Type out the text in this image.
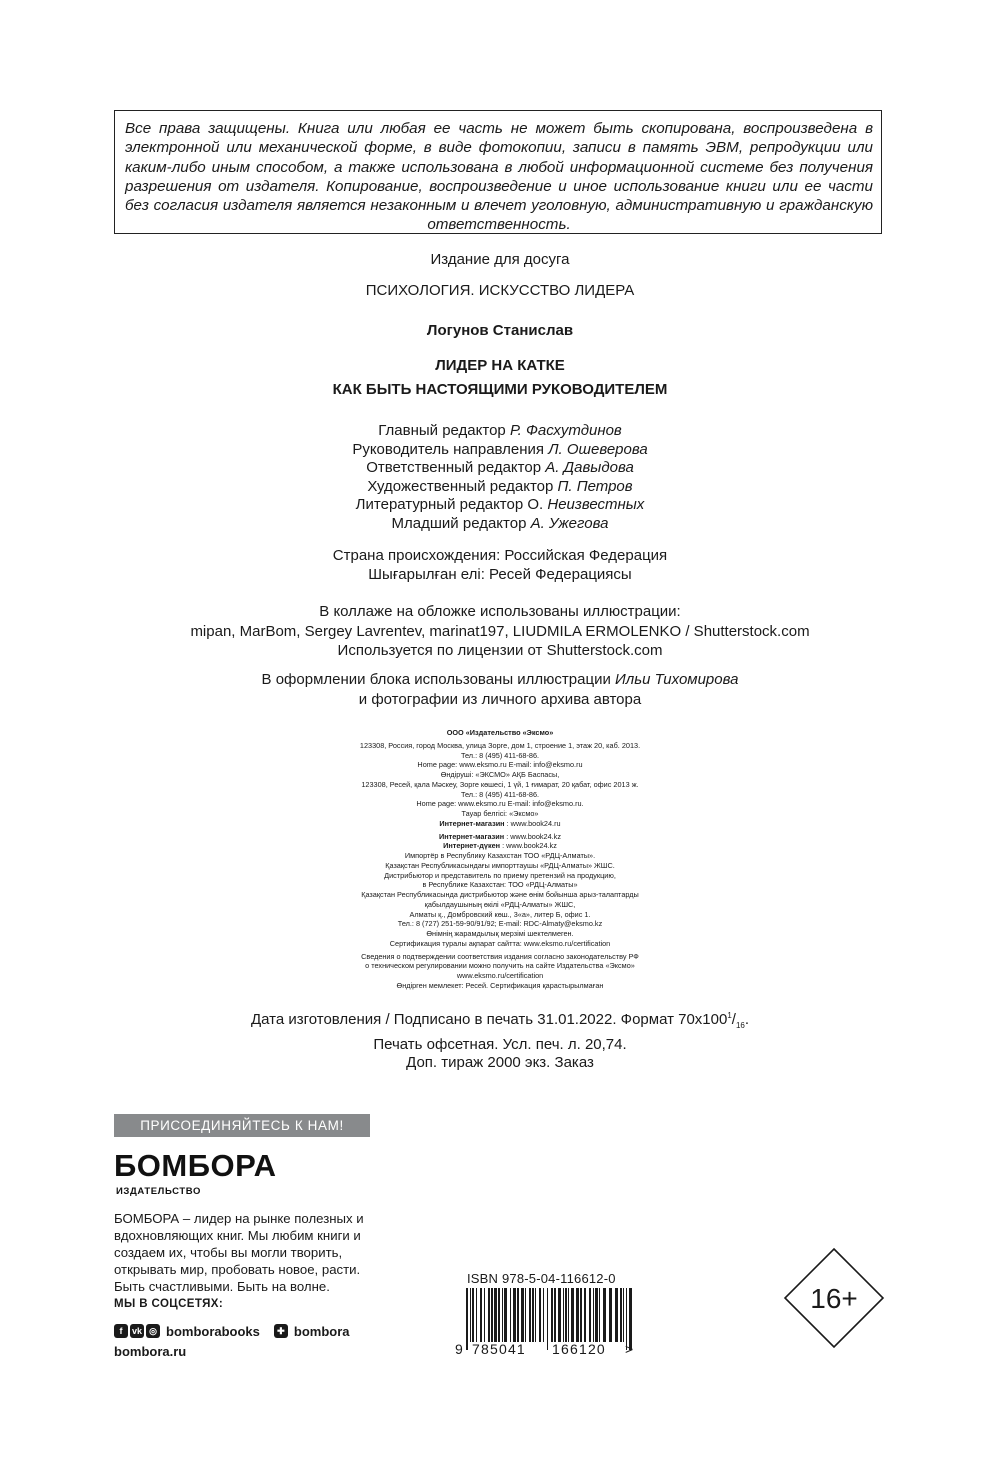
Все права защищены. Книга или любая ее часть не может быть скопирована, воспроизведена в электронной или механической форме, в виде фотокопии, записи в память ЭВМ, репродукции или каким-либо иным способом, а также использована в любой информационной системе без получения разрешения от издателя. Копирование, воспроизведение и иное использование книги или ее части без согласия издателя является незаконным и влечет уголовную, административную и гражданскую ответственность.
Издание для досуга
ПСИХОЛОГИЯ. ИСКУССТВО ЛИДЕРА
Логунов Станислав
ЛИДЕР НА КАТКЕ
КАК БЫТЬ НАСТОЯЩИМИ РУКОВОДИТЕЛЕМ
Главный редактор Р. Фасхутдинов
Руководитель направления Л. Ошеверова
Ответственный редактор А. Давыдова
Художественный редактор П. Петров
Литературный редактор О. Неизвестных
Младший редактор А. Ужегова
Страна происхождения: Российская Федерация
Шығарылған елі: Ресей Федерациясы
В коллаже на обложке использованы иллюстрации:
mipan, MarBom, Sergey Lavrentev, marinat197, LIUDMILA ERMOLENKO / Shutterstock.com
Используется по лицензии от Shutterstock.com
В оформлении блока использованы иллюстрации Ильи Тихомирова
и фотографии из личного архива автора
ООО «Издательство «Эксмо»
123308, Россия, город Москва, улица Зорге, дом 1, строение 1, этаж 20, каб. 2013.
Тел.: 8 (495) 411-68-86.
Home page: www.eksmo.ru E-mail: info@eksmo.ru
Өндіруші: «ЭКСМО» АҚБ Баспасы,
123308, Ресей, қала Мәскеу, Зорге көшесі, 1 үй, 1 ғимарат, 20 қабат, офис 2013 ж.
Тел.: 8 (495) 411-68-86.
Home page: www.eksmo.ru E-mail: info@eksmo.ru.
Тауар белгісі: «Эксмо»
Интернет-магазин : www.book24.ru
Интернет-магазин : www.book24.kz
Интернет-дүкен : www.book24.kz
Импортёр в Республику Казахстан ТОО «РДЦ-Алматы».
Қазақстан Республикасындағы импорттаушы «РДЦ-Алматы» ЖШС.
Дистрибьютор и представитель по приему претензий на продукцию,
в Республике Казахстан: ТОО «РДЦ-Алматы»
Қазақстан Республикасында дистрибьютор және өнім бойынша арыз-талаптарды
қабылдаушының өкілі «РДЦ-Алматы» ЖШС,
Алматы қ., Домбровский көш., 3«а», литер Б, офис 1.
Тел.: 8 (727) 251-59-90/91/92; E-mail: RDC-Almaty@eksmo.kz
Өнімнің жарамдылық мерзімі шектелмеген.
Сертификация туралы ақпарат сайтта: www.eksmo.ru/certification
Сведения о подтверждении соответствия издания согласно законодательству РФ
о техническом регулировании можно получить на сайте Издательства «Эксмо»
www.eksmo.ru/certification
Өндірген мемлекет: Ресей. Сертификация қарастырылмаған
Дата изготовления / Подписано в печать 31.01.2022. Формат $70x100^1/_{16}$.
Печать офсетная. Усл. печ. л. 20,74.
Доп. тираж 2000 экз. Заказ
ПРИСОЕДИНЯЙТЕСЬ К НАМ!
БОМБОРА
ИЗДАТЕЛЬСТВО
БОМБОРА – лидер на рынке полезных и вдохновляющих книг. Мы любим книги и создаем их, чтобы вы могли творить, открывать мир, пробовать новое, расти. Быть счастливыми. Быть на волне.
МЫ В СОЦСЕТЯХ:
f	vk ◎ bomborabooks	✚ bombora
bombora.ru
ISBN 978-5-04-116612-0
9 785041 166120 >
16+
